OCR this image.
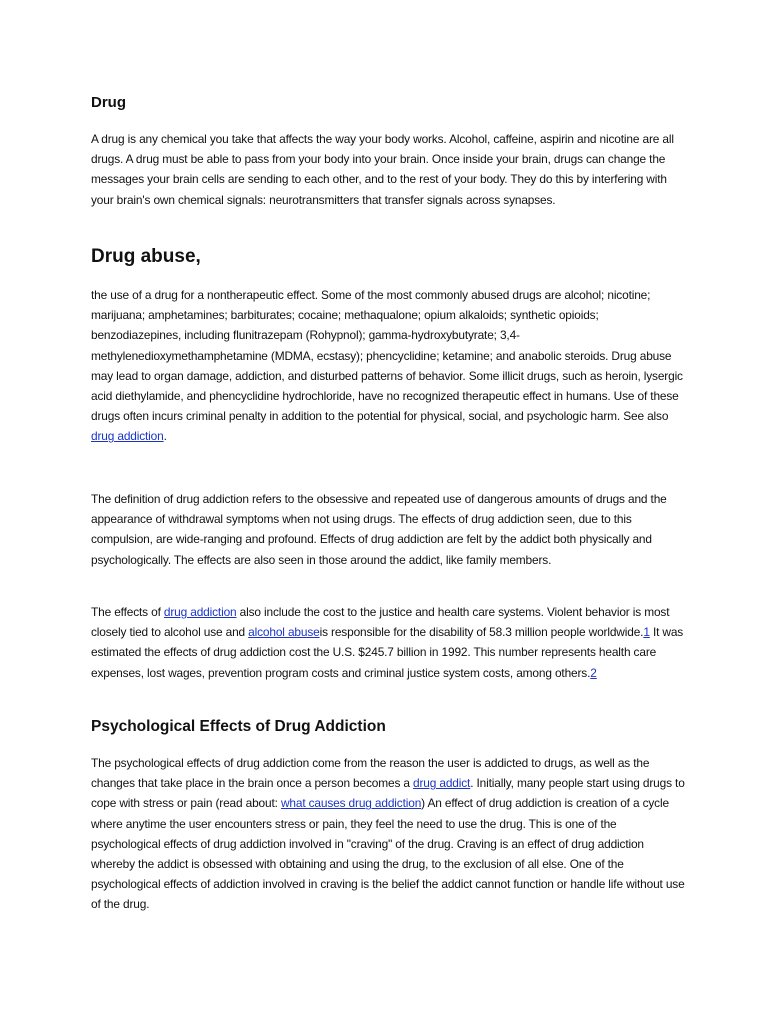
Drug

A drug is any chemical you take that affects the way your body works. Alcohol, caffeine, aspirin and nicotine are all drugs. A drug must be able to pass from your body into your brain. Once inside your brain, drugs can change the messages your brain cells are sending to each other, and to the rest of your body. They do this by interfering with your brain's own chemical signals: neurotransmitters that transfer signals across synapses.

Drug abuse,

the use of a drug for a nontherapeutic effect. Some of the most commonly abused drugs are alcohol; nicotine; marijuana; amphetamines; barbiturates; cocaine; methaqualone; opium alkaloids; synthetic opioids; benzodiazepines, including flunitrazepam (Rohypnol); gamma-hydroxybutyrate; 3,4-methylenedioxymethamphetamine (MDMA, ecstasy); phencyclidine; ketamine; and anabolic steroids. Drug abuse may lead to organ damage, addiction, and disturbed patterns of behavior. Some illicit drugs, such as heroin, lysergic acid diethylamide, and phencyclidine hydrochloride, have no recognized therapeutic effect in humans. Use of these drugs often incurs criminal penalty in addition to the potential for physical, social, and psychologic harm. See also drug addiction.

The definition of drug addiction refers to the obsessive and repeated use of dangerous amounts of drugs and the appearance of withdrawal symptoms when not using drugs. The effects of drug addiction seen, due to this compulsion, are wide-ranging and profound. Effects of drug addiction are felt by the addict both physically and psychologically. The effects are also seen in those around the addict, like family members.

The effects of drug addiction also include the cost to the justice and health care systems. Violent behavior is most closely tied to alcohol use and alcohol abuseis responsible for the disability of 58.3 million people worldwide.1 It was estimated the effects of drug addiction cost the U.S. $245.7 billion in 1992. This number represents health care expenses, lost wages, prevention program costs and criminal justice system costs, among others.2

Psychological Effects of Drug Addiction

The psychological effects of drug addiction come from the reason the user is addicted to drugs, as well as the changes that take place in the brain once a person becomes a drug addict. Initially, many people start using drugs to cope with stress or pain (read about: what causes drug addiction) An effect of drug addiction is creation of a cycle where anytime the user encounters stress or pain, they feel the need to use the drug. This is one of the psychological effects of drug addiction involved in "craving" of the drug. Craving is an effect of drug addiction whereby the addict is obsessed with obtaining and using the drug, to the exclusion of all else. One of the psychological effects of addiction involved in craving is the belief the addict cannot function or handle life without use of the drug.
